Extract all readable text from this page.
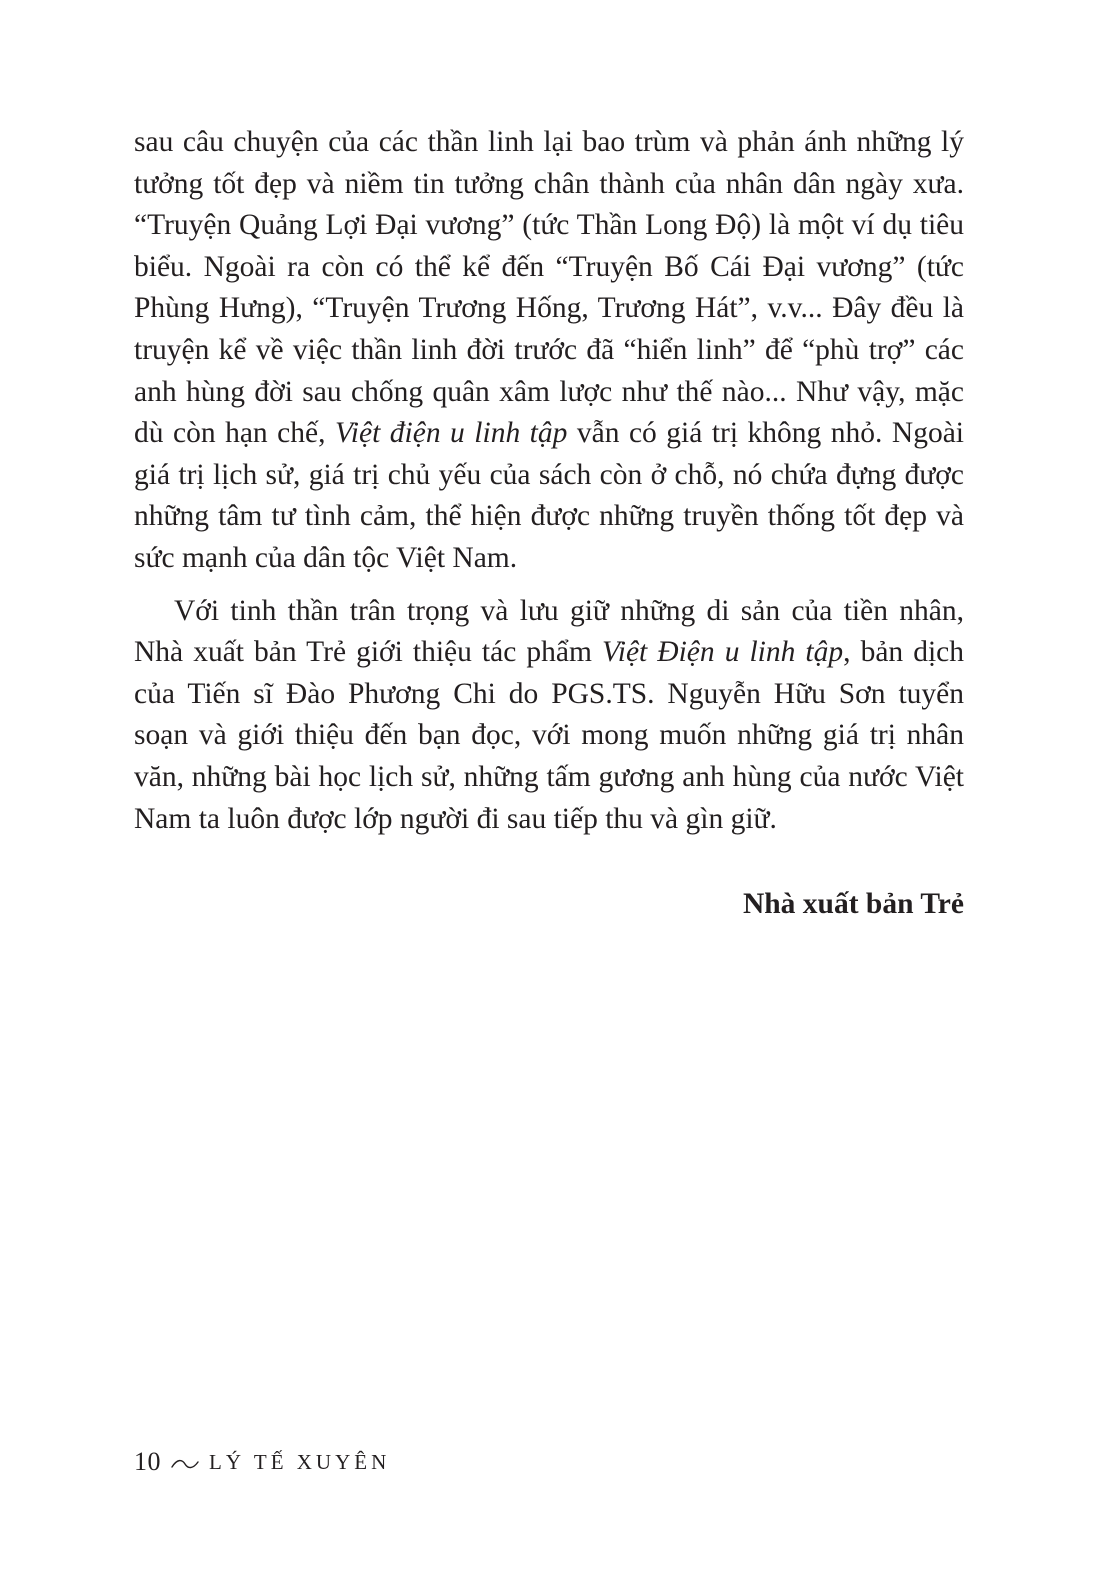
sau câu chuyện của các thần linh lại bao trùm và phản ánh những lý tưởng tốt đẹp và niềm tin tưởng chân thành của nhân dân ngày xưa. “Truyện Quảng Lợi Đại vương” (tức Thần Long Độ) là một ví dụ tiêu biểu. Ngoài ra còn có thể kể đến “Truyện Bố Cái Đại vương” (tức Phùng Hưng), “Truyện Trương Hống, Trương Hát”, v.v... Đây đều là truyện kể về việc thần linh đời trước đã “hiển linh” để “phù trợ” các anh hùng đời sau chống quân xâm lược như thế nào... Như vậy, mặc dù còn hạn chế, Việt điện u linh tập vẫn có giá trị không nhỏ. Ngoài giá trị lịch sử, giá trị chủ yếu của sách còn ở chỗ, nó chứa đựng được những tâm tư tình cảm, thể hiện được những truyền thống tốt đẹp và sức mạnh của dân tộc Việt Nam.

Với tinh thần trân trọng và lưu giữ những di sản của tiền nhân, Nhà xuất bản Trẻ giới thiệu tác phẩm Việt Điện u linh tập, bản dịch của Tiến sĩ Đào Phương Chi do PGS.TS. Nguyễn Hữu Sơn tuyển soạn và giới thiệu đến bạn đọc, với mong muốn những giá trị nhân văn, những bài học lịch sử, những tấm gương anh hùng của nước Việt Nam ta luôn được lớp người đi sau tiếp thu và gìn giữ.

Nhà xuất bản Trẻ

10 LÝ TẾ XUYÊN
